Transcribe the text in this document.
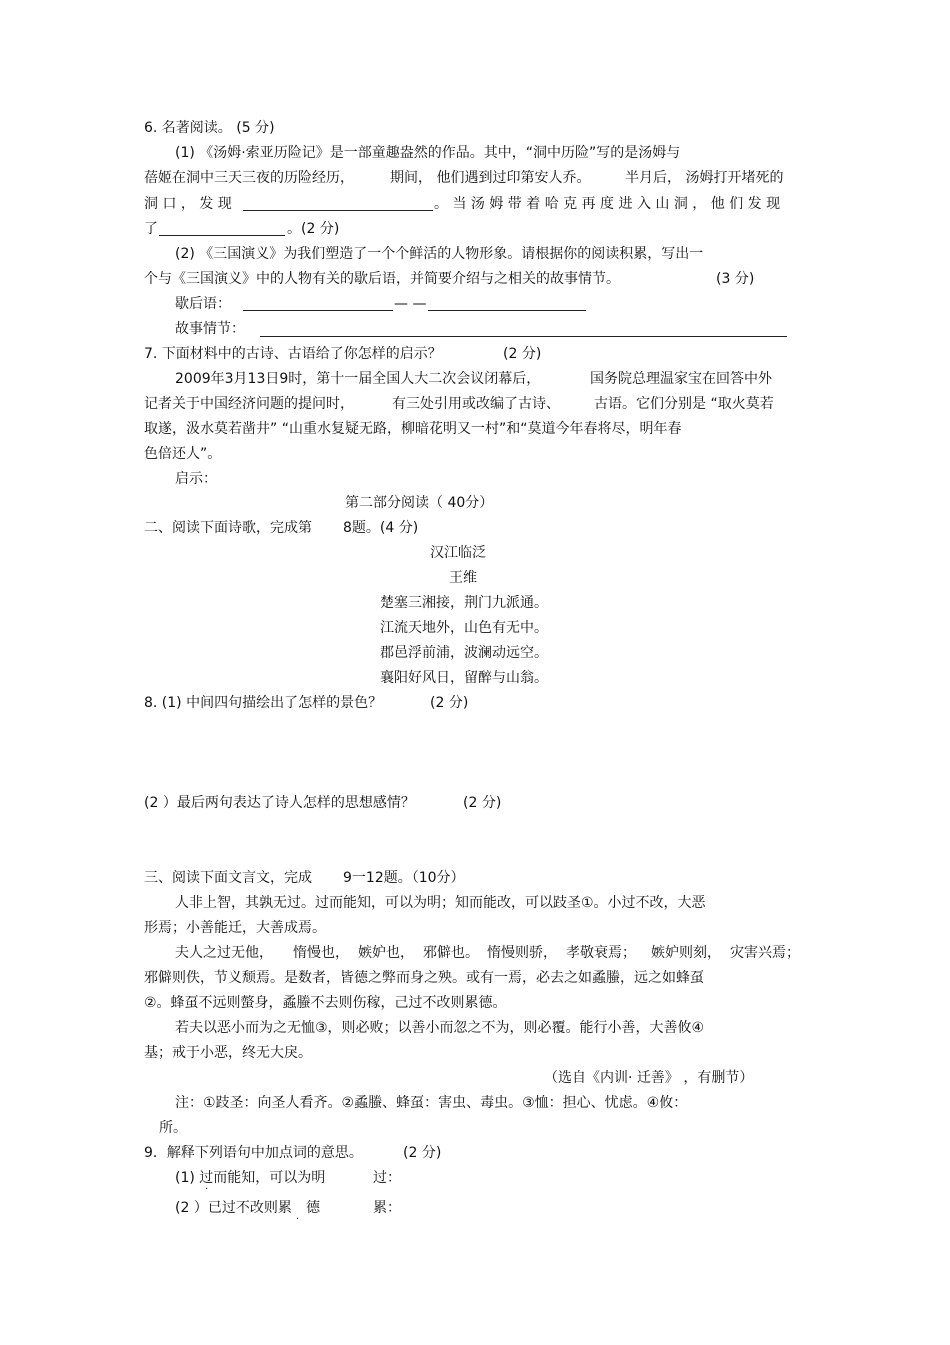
6. 名著阅读。 (5 分)
(1) 《汤姆·索亚历险记》是一部童趣盎然的作品。其中，“洞中历险”写的是汤姆与
蓓姬在洞中三天三夜的历险经历，	期间， 他们遇到过印第安人乔。 半月后， 汤姆打开堵死的
洞 口 ， 发 现	。 当 汤 姆 带 着 哈 克 再 度 进 入 山 洞 ， 他 们 发 现
了	。(2 分)
(2) 《三国演义》为我们塑造了一个个鲜活的人物形象。请根据你的阅读积累，写出一
个与《三国演义》中的人物有关的歇后语，并简要介绍与之相关的故事情节。	(3 分)
歇后语：	— —
故事情节：
7. 下面材料中的古诗、古语给了你怎样的启示？	(2 分)
2009年3月13日9时，第十一届全国人大二次会议闭幕后，	国务院总理温家宝在回答中外
记者关于中国经济问题的提问时，	有三处引用或改编了古诗、 古语。它们分别是 “取火莫若
取遂，汲水莫若凿井” “山重水复疑无路，柳暗花明又一村”和“莫道今年春将尽，明年春
色倍还人”。
启示：
第二部分阅读（ 40分）
二、阅读下面诗歌，完成第 8题。(4 分)
汉江临泛
王维
楚塞三湘接，荆门九派通。
江流天地外，山色有无中。
郡邑浮前浦，波澜动远空。
襄阳好风日，留醉与山翁。
8. (1) 中间四句描绘出了怎样的景色？	(2 分)
(2 ）最后两句表达了诗人怎样的思想感情？	(2 分)
三、阅读下面文言文，完成 9一12题。（10分）
人非上智，其孰无过。过而能知，可以为明；知而能改，可以跂圣①。小过不改，大恶
形焉；小善能迁，大善成焉。
夫人之过无他， 惰慢也， 嫉妒也， 邪僻也。 惰慢则骄， 孝敬衰焉； 嫉妒则刻， 灾害兴焉；
邪僻则佚，节义颓焉。是数者，皆德之弊而身之殃。或有一焉，必去之如蟊螣，远之如蜂虿
②。蜂虿不远则螫身，蟊螣不去则伤稼，己过不改则累德。
若夫以恶小而为之无恤③，则必败；以善小而忽之不为，则必覆。能行小善，大善攸④
基；戒于小恶，终无大戾。
（选自《内训· 迁善》 ，有删节）
注：①跂圣：向圣人看齐。②蟊螣、蜂虿：害虫、毒虫。③恤：担心、忧虑。④攸：
所。
9．解释下列语句中加点词的意思。	(2 分)
(1) 过而能知，可以为明
·
过：
(2 ）已过不改则累 德
·
累：
